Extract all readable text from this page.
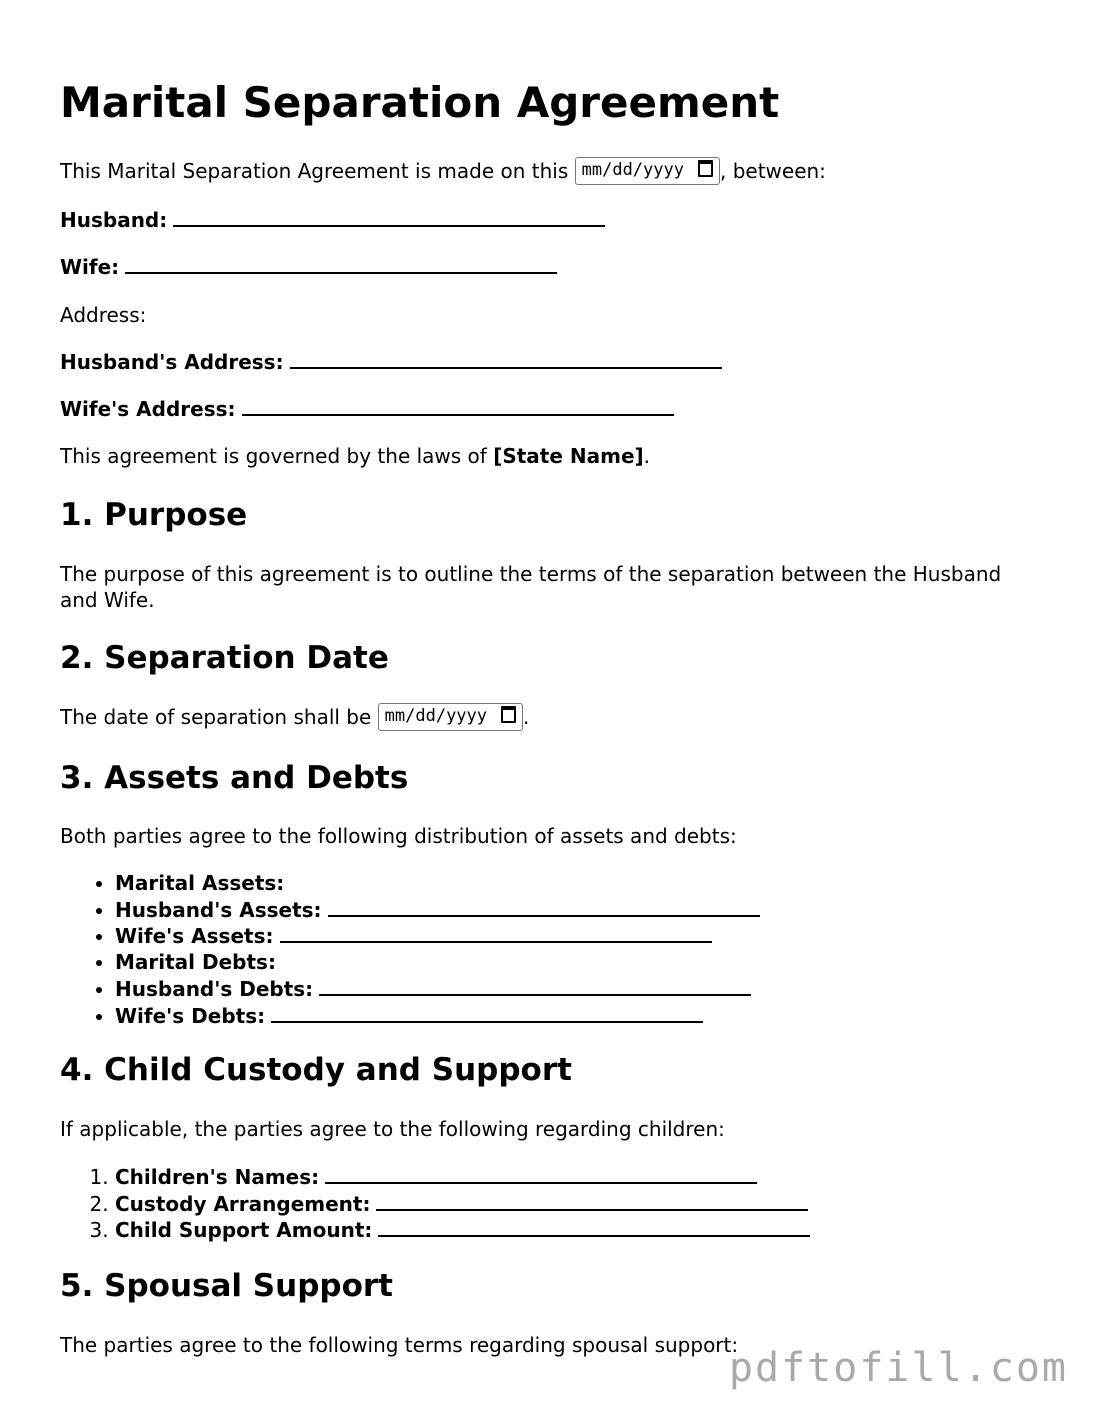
Marital Separation Agreement
This Marital Separation Agreement is made on this mm/dd/yyyy , between:
Husband:
Wife:
Address:
Husband's Address:
Wife's Address:
This agreement is governed by the laws of [State Name].
1. Purpose
The purpose of this agreement is to outline the terms of the separation between the Husband and Wife.
2. Separation Date
The date of separation shall be mm/dd/yyyy .
3. Assets and Debts
Both parties agree to the following distribution of assets and debts:
• Marital Assets:
• Husband's Assets:
• Wife's Assets:
• Marital Debts:
• Husband's Debts:
• Wife's Debts:
4. Child Custody and Support
If applicable, the parties agree to the following regarding children:
1. Children's Names:
2. Custody Arrangement:
3. Child Support Amount:
5. Spousal Support
The parties agree to the following terms regarding spousal support:
pdftofill.com
